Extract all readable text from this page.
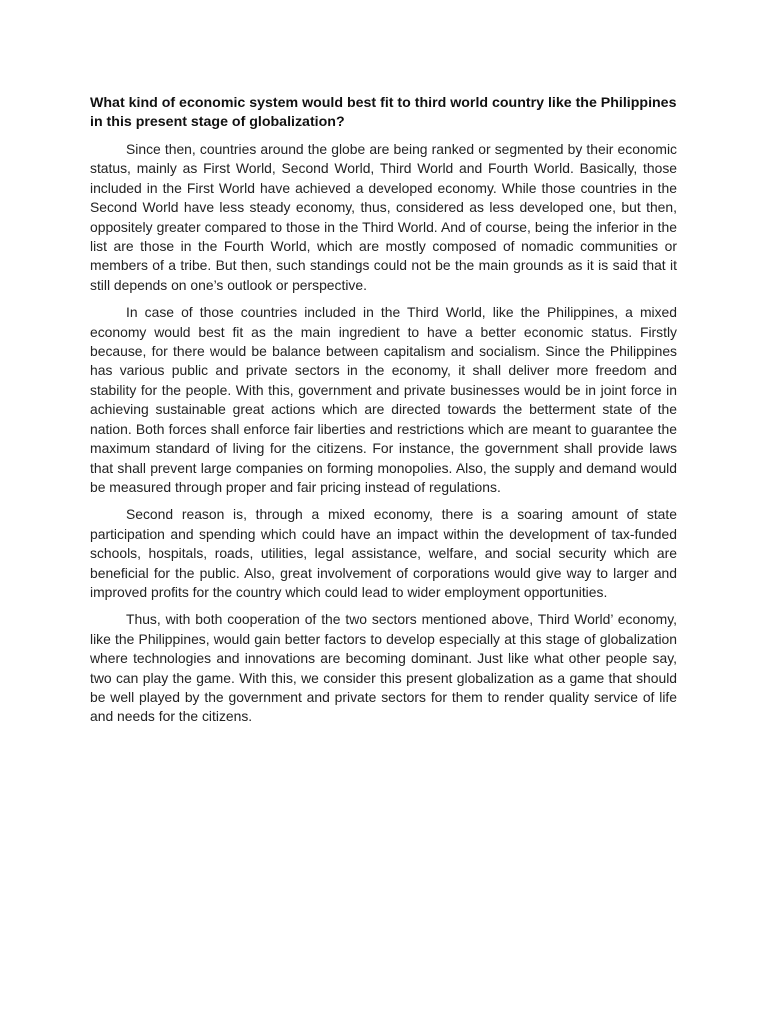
What kind of economic system would best fit to third world country like the Philippines in this present stage of globalization?

Since then, countries around the globe are being ranked or segmented by their economic status, mainly as First World, Second World, Third World and Fourth World. Basically, those included in the First World have achieved a developed economy. While those countries in the Second World have less steady economy, thus, considered as less developed one, but then, oppositely greater compared to those in the Third World. And of course, being the inferior in the list are those in the Fourth World, which are mostly composed of nomadic communities or members of a tribe. But then, such standings could not be the main grounds as it is said that it still depends on one’s outlook or perspective.

In case of those countries included in the Third World, like the Philippines, a mixed economy would best fit as the main ingredient to have a better economic status. Firstly because, for there would be balance between capitalism and socialism. Since the Philippines has various public and private sectors in the economy, it shall deliver more freedom and stability for the people. With this, government and private businesses would be in joint force in achieving sustainable great actions which are directed towards the betterment state of the nation. Both forces shall enforce fair liberties and restrictions which are meant to guarantee the maximum standard of living for the citizens. For instance, the government shall provide laws that shall prevent large companies on forming monopolies. Also, the supply and demand would be measured through proper and fair pricing instead of regulations.

Second reason is, through a mixed economy, there is a soaring amount of state participation and spending which could have an impact within the development of tax-funded schools, hospitals, roads, utilities, legal assistance, welfare, and social security which are beneficial for the public. Also, great involvement of corporations would give way to larger and improved profits for the country which could lead to wider employment opportunities.

Thus, with both cooperation of the two sectors mentioned above, Third World’ economy, like the Philippines, would gain better factors to develop especially at this stage of globalization where technologies and innovations are becoming dominant. Just like what other people say, two can play the game. With this, we consider this present globalization as a game that should be well played by the government and private sectors for them to render quality service of life and needs for the citizens.
